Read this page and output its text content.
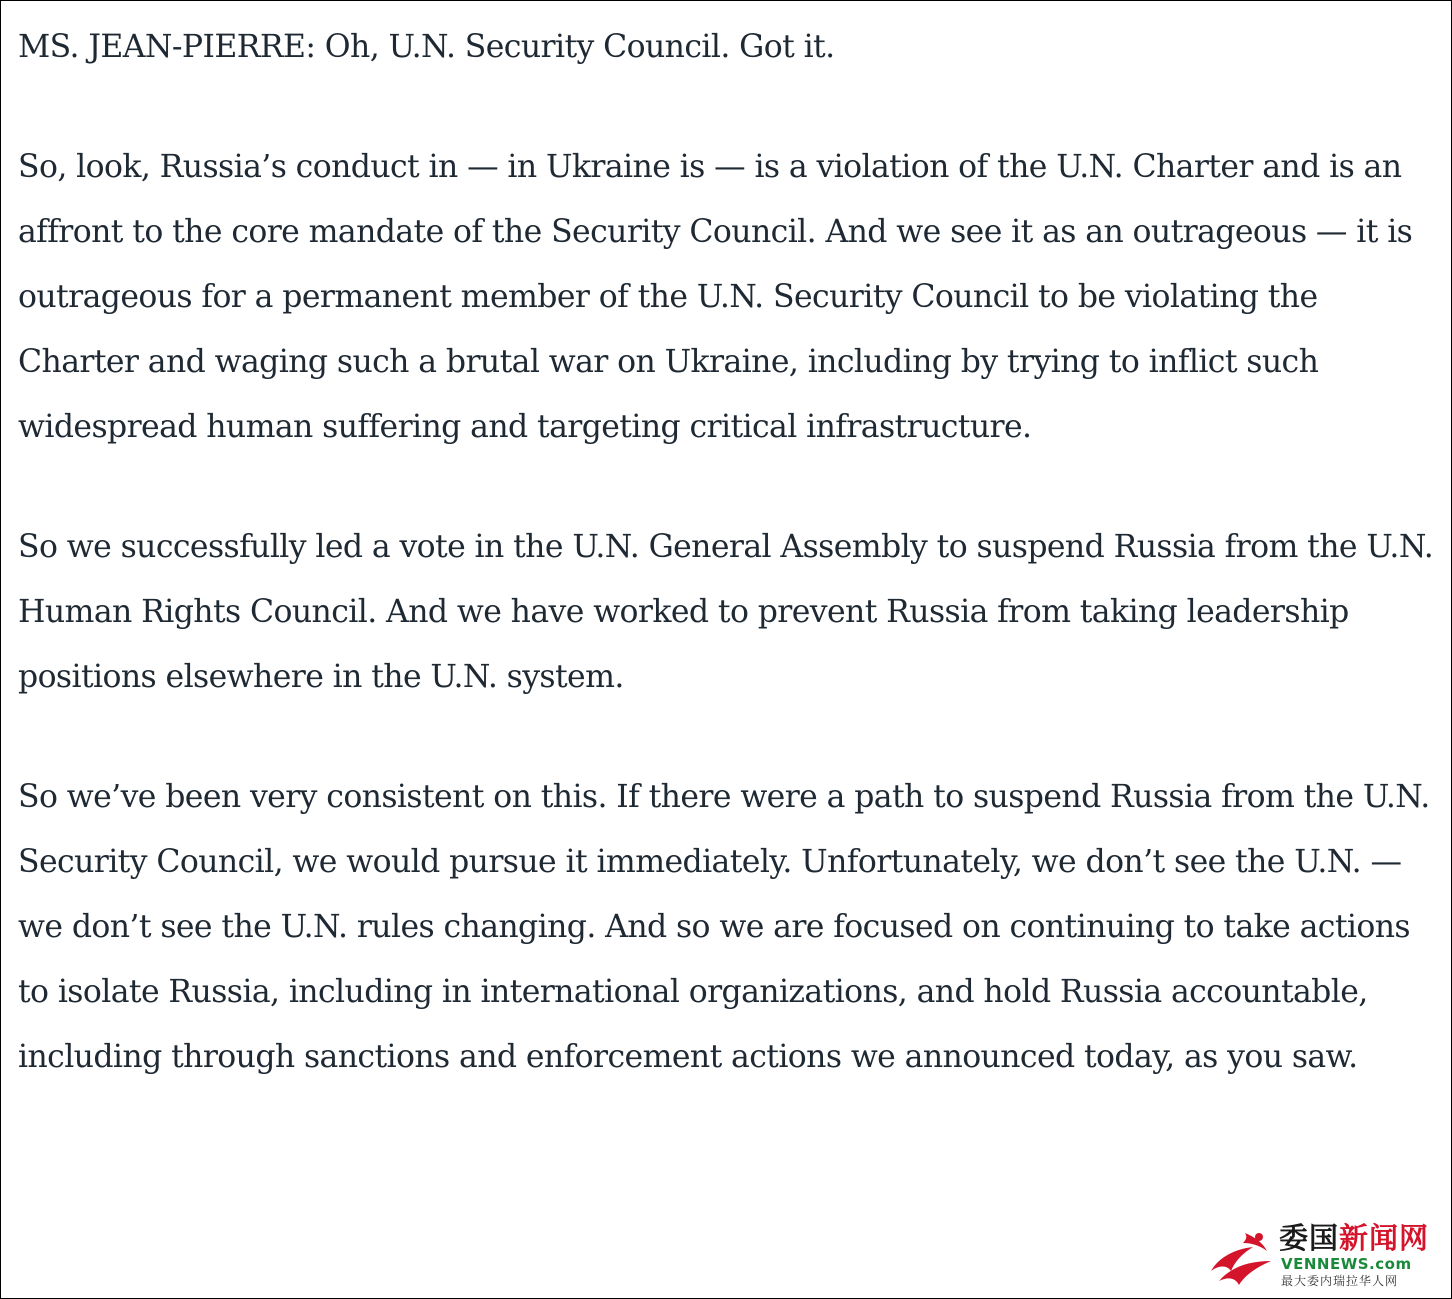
MS. JEAN-PIERRE: Oh, U.N. Security Council. Got it.

So, look, Russia’s conduct in — in Ukraine is — is a violation of the U.N. Charter and is an affront to the core mandate of the Security Council. And we see it as an outrageous — it is outrageous for a permanent member of the U.N. Security Council to be violating the Charter and waging such a brutal war on Ukraine, including by trying to inflict such widespread human suffering and targeting critical infrastructure.

So we successfully led a vote in the U.N. General Assembly to suspend Russia from the U.N. Human Rights Council. And we have worked to prevent Russia from taking leadership positions elsewhere in the U.N. system.

So we’ve been very consistent on this. If there were a path to suspend Russia from the U.N. Security Council, we would pursue it immediately. Unfortunately, we don’t see the U.N. — we don’t see the U.N. rules changing. And so we are focused on continuing to take actions to isolate Russia, including in international organizations, and hold Russia accountable, including through sanctions and enforcement actions we announced today, as you saw.

委国新闻网
VENNEWS.com
最大委内瑞拉华人网
